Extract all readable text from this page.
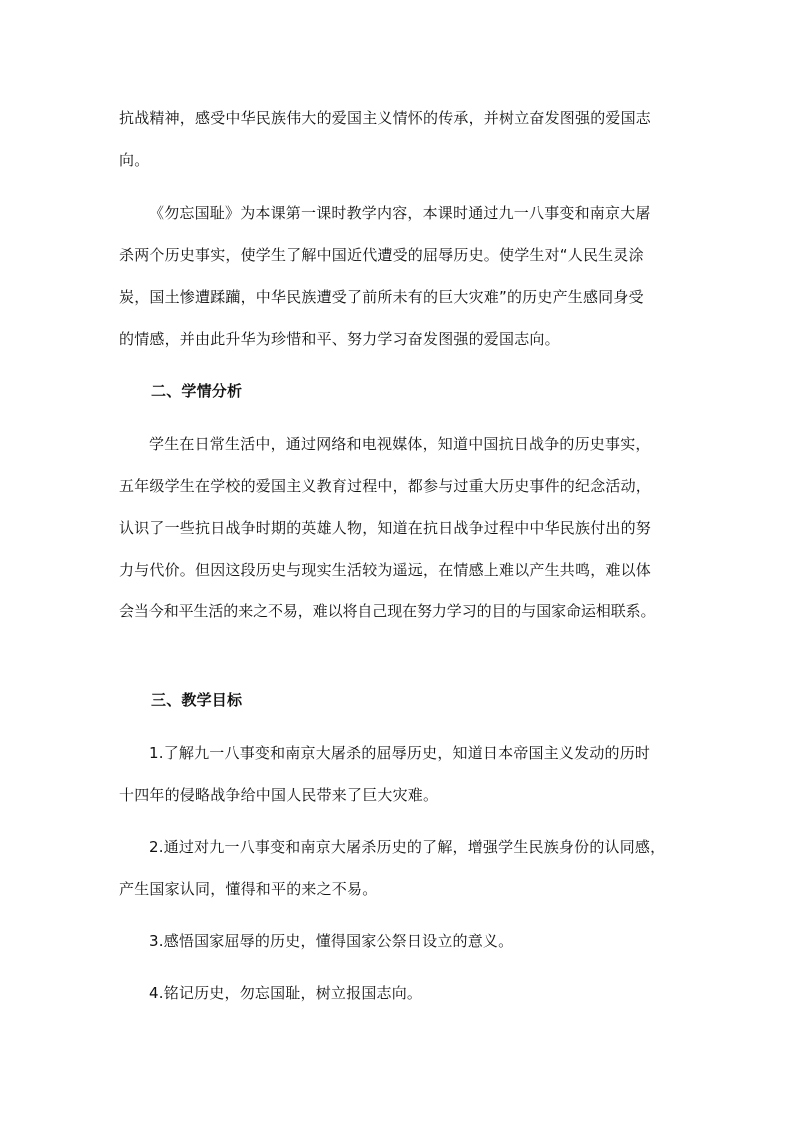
抗战精神，感受中华民族伟大的爱国主义情怀的传承，并树立奋发图强的爱国志
向。
《勿忘国耻》为本课第一课时教学内容，本课时通过九一八事变和南京大屠
杀两个历史事实，使学生了解中国近代遭受的屈辱历史。使学生对“人民生灵涂
炭，国土惨遭蹂躏，中华民族遭受了前所未有的巨大灾难”的历史产生感同身受
的情感，并由此升华为珍惜和平、努力学习奋发图强的爱国志向。
二、学情分析
学生在日常生活中，通过网络和电视媒体，知道中国抗日战争的历史事实，
五年级学生在学校的爱国主义教育过程中，都参与过重大历史事件的纪念活动，
认识了一些抗日战争时期的英雄人物，知道在抗日战争过程中中华民族付出的努
力与代价。但因这段历史与现实生活较为遥远，在情感上难以产生共鸣，难以体
会当今和平生活的来之不易，难以将自己现在努力学习的目的与国家命运相联系。
三、教学目标
1.了解九一八事变和南京大屠杀的屈辱历史，知道日本帝国主义发动的历时
十四年的侵略战争给中国人民带来了巨大灾难。
2.通过对九一八事变和南京大屠杀历史的了解，增强学生民族身份的认同感，
产生国家认同，懂得和平的来之不易。
3.感悟国家屈辱的历史，懂得国家公祭日设立的意义。
4.铭记历史，勿忘国耻，树立报国志向。
